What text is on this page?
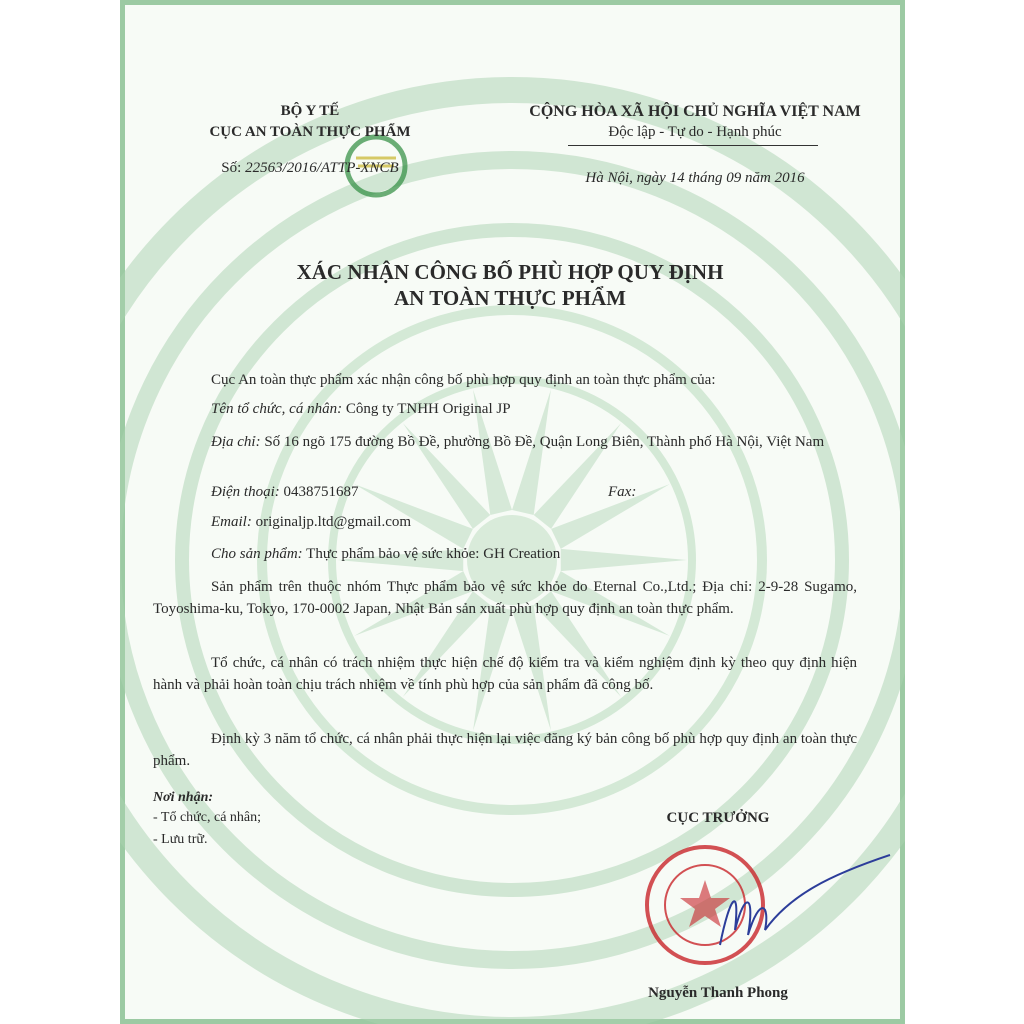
BỘ Y TẾ
CỤC AN TOÀN THỰC PHẨM
Số: 22563/2016/ATTP-XNCB
CỘNG HÒA XÃ HỘI CHỦ NGHĨA VIỆT NAM
Độc lập - Tự do - Hạnh phúc
Hà Nội, ngày 14 tháng 09 năm 2016
XÁC NHẬN CÔNG BỐ PHÙ HỢP QUY ĐỊNH
AN TOÀN THỰC PHẨM
Cục An toàn thực phẩm xác nhận công bố phù hợp quy định an toàn thực phẩm của:
Tên tổ chức, cá nhân: Công ty TNHH Original JP
Địa chỉ: Số 16 ngõ 175 đường Bồ Đề, phường Bồ Đề, Quận Long Biên, Thành phố Hà Nội, Việt Nam
Điện thoại: 0438751687	Fax:
Email: originaljp.ltd@gmail.com
Cho sản phẩm: Thực phẩm bảo vệ sức khỏe: GH Creation
Sản phẩm trên thuộc nhóm Thực phẩm bảo vệ sức khỏe do Eternal Co.,Ltd.; Địa chỉ: 2-9-28 Sugamo, Toyoshima-ku, Tokyo, 170-0002 Japan, Nhật Bản sản xuất phù hợp quy định an toàn thực phẩm.
Tổ chức, cá nhân có trách nhiệm thực hiện chế độ kiểm tra và kiểm nghiệm định kỳ theo quy định hiện hành và phải hoàn toàn chịu trách nhiệm về tính phù hợp của sản phẩm đã công bố.
Định kỳ 3 năm tổ chức, cá nhân phải thực hiện lại việc đăng ký bản công bố phù hợp quy định an toàn thực phẩm.
Nơi nhận:
- Tổ chức, cá nhân;
- Lưu trữ.
CỤC TRƯỞNG
Nguyễn Thanh Phong
